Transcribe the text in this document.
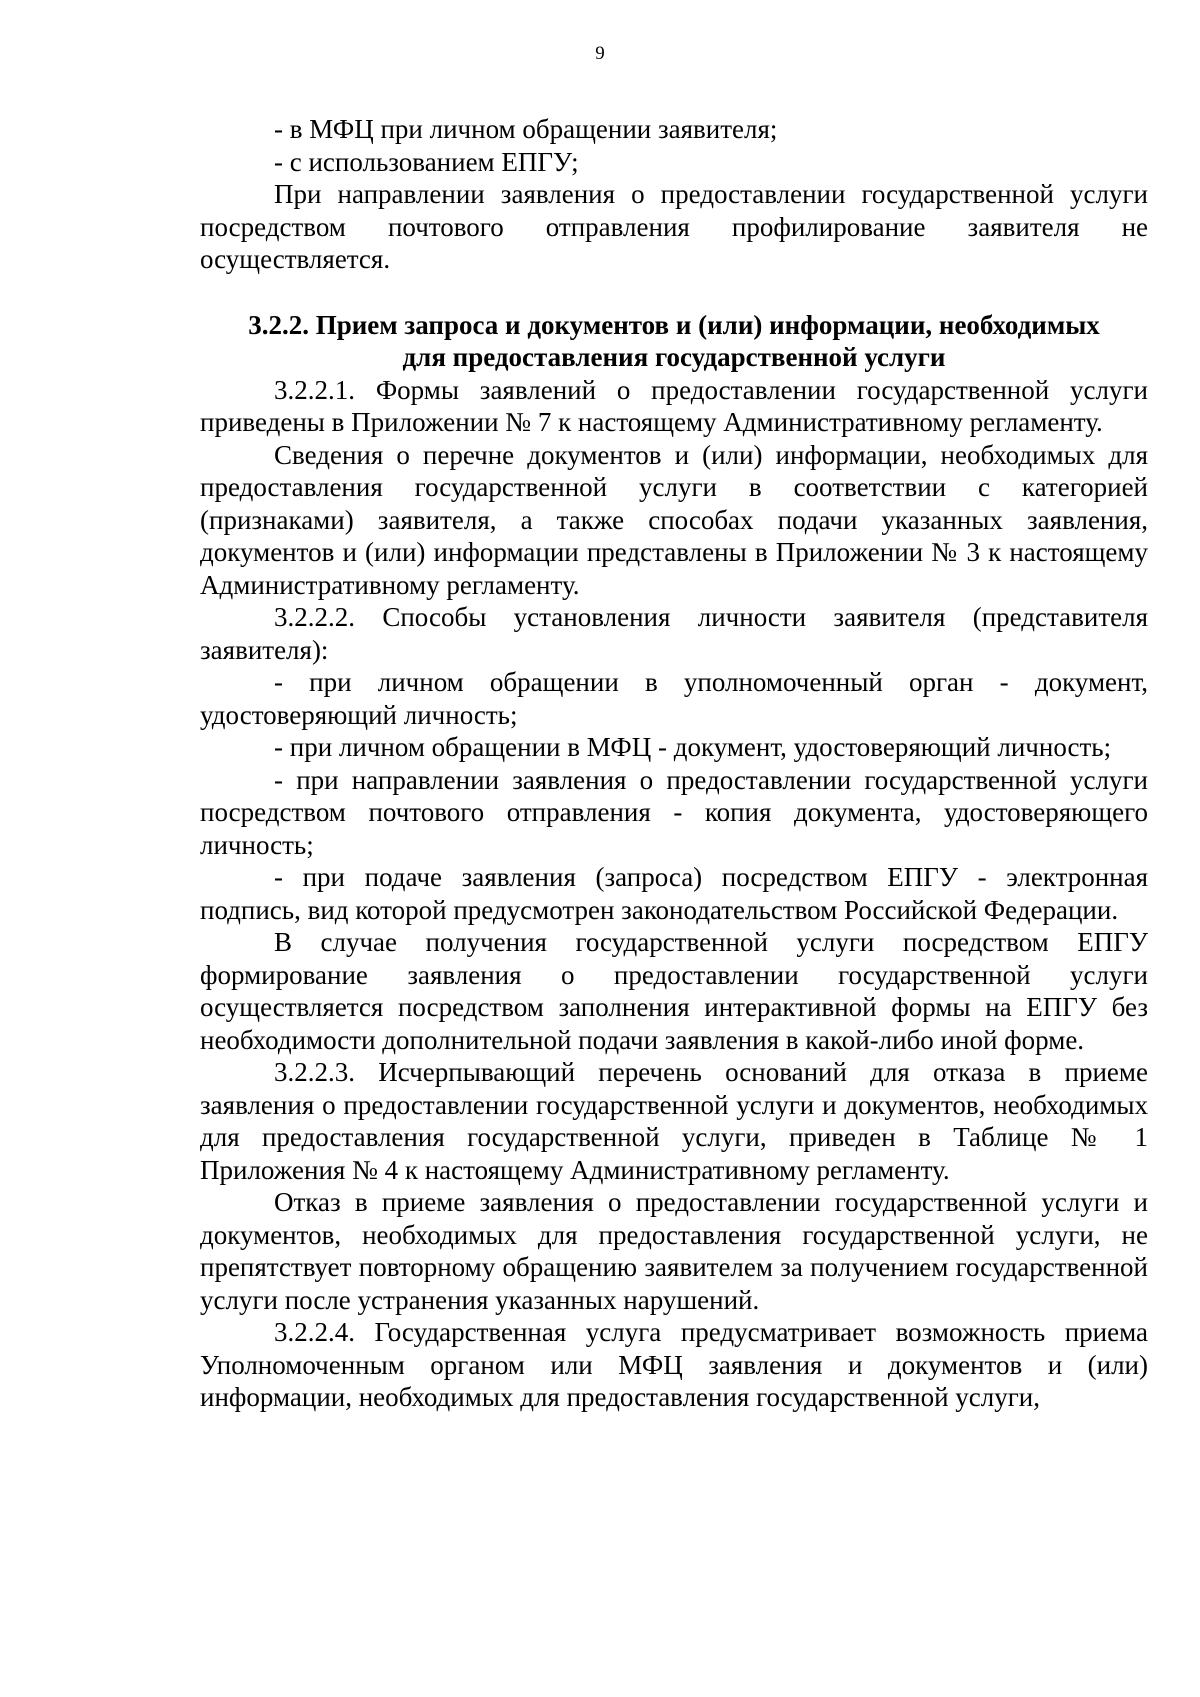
9

- в МФЦ при личном обращении заявителя;

- с использованием ЕПГУ;

При направлении заявления о предоставлении государственной услуги посредством почтового отправления профилирование заявителя не осуществляется.

3.2.2. Прием запроса и документов и (или) информации, необходимых
для предоставления государственной услуги

3.2.2.1. Формы заявлений о предоставлении государственной услуги приведены в Приложении № 7 к настоящему Административному регламенту.

Сведения о перечне документов и (или) информации, необходимых для предоставления государственной услуги в соответствии с категорией (признаками) заявителя, а также способах подачи указанных заявления, документов и (или) информации представлены в Приложении № 3 к настоящему Административному регламенту.

3.2.2.2. Способы установления личности заявителя (представителя заявителя):

- при личном обращении в уполномоченный орган - документ, удостоверяющий личность;

- при личном обращении в МФЦ - документ, удостоверяющий личность;

- при направлении заявления о предоставлении государственной услуги посредством почтового отправления - копия документа, удостоверяющего личность;

- при подаче заявления (запроса) посредством ЕПГУ - электронная подпись, вид которой предусмотрен законодательством Российской Федерации.

В случае получения государственной услуги посредством ЕПГУ формирование заявления о предоставлении государственной услуги осуществляется посредством заполнения интерактивной формы на ЕПГУ без необходимости дополнительной подачи заявления в какой-либо иной форме.

3.2.2.3. Исчерпывающий перечень оснований для отказа в приеме заявления о предоставлении государственной услуги и документов, необходимых для предоставления государственной услуги, приведен в Таблице № 1 Приложения № 4 к настоящему Административному регламенту.

Отказ в приеме заявления о предоставлении государственной услуги и документов, необходимых для предоставления государственной услуги, не препятствует повторному обращению заявителем за получением государственной услуги после устранения указанных нарушений.

3.2.2.4. Государственная услуга предусматривает возможность приема Уполномоченным органом или МФЦ заявления и документов и (или) информации, необходимых для предоставления государственной услуги,
